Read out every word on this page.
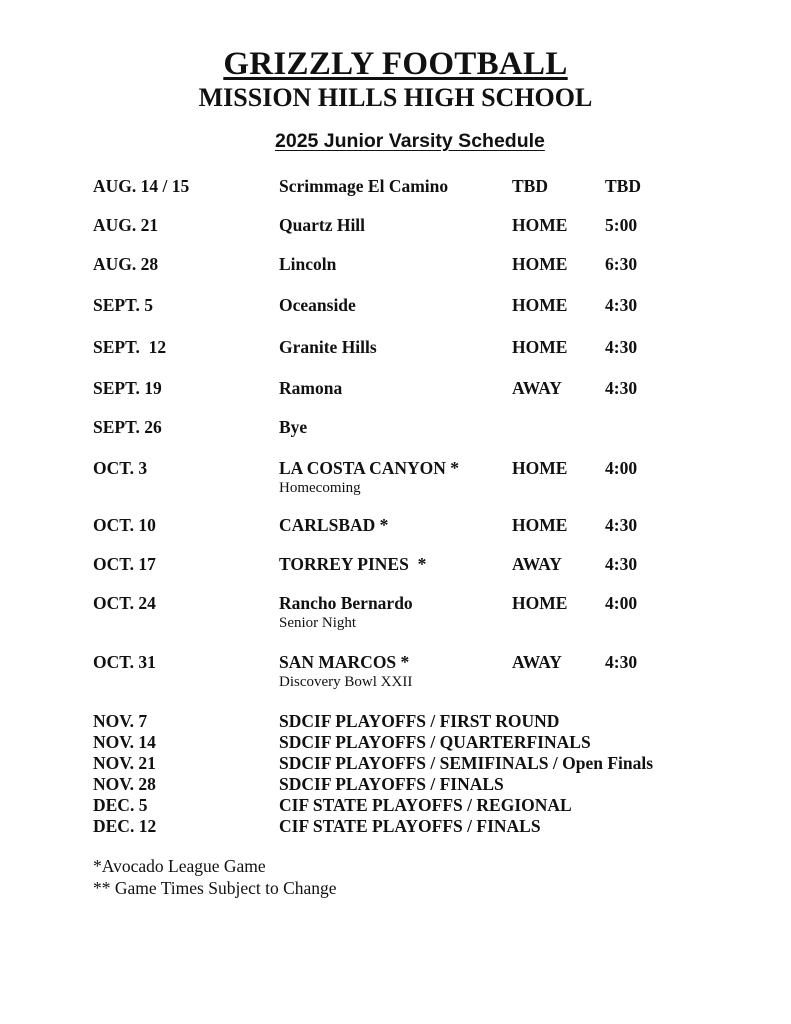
GRIZZLY FOOTBALL
MISSION HILLS HIGH SCHOOL
2025 Junior Varsity Schedule
AUG. 14 / 15	Scrimmage El Camino	TBD	TBD
AUG. 21	Quartz Hill	HOME 5:00
AUG. 28	Lincoln	HOME 6:30
SEPT. 5	Oceanside	HOME 4:30
SEPT.  12	Granite Hills	HOME 4:30
SEPT. 19	Ramona	AWAY 4:30
SEPT. 26	Bye
OCT. 3	LA COSTA CANYON *	HOME 4:00
Homecoming
OCT. 10	CARLSBAD *	HOME 4:30
OCT. 17	TORREY PINES  *	AWAY 4:30
OCT. 24	Rancho Bernardo	HOME 4:00
Senior Night
OCT. 31	SAN MARCOS *	AWAY 4:30
Discovery Bowl XXII
NOV. 7	SDCIF PLAYOFFS / FIRST ROUND
NOV. 14	SDCIF PLAYOFFS / QUARTERFINALS
NOV. 21	SDCIF PLAYOFFS / SEMIFINALS / Open Finals
NOV. 28	SDCIF PLAYOFFS / FINALS
DEC. 5	CIF STATE PLAYOFFS / REGIONAL
DEC. 12	CIF STATE PLAYOFFS / FINALS
*Avocado League Game
** Game Times Subject to Change
